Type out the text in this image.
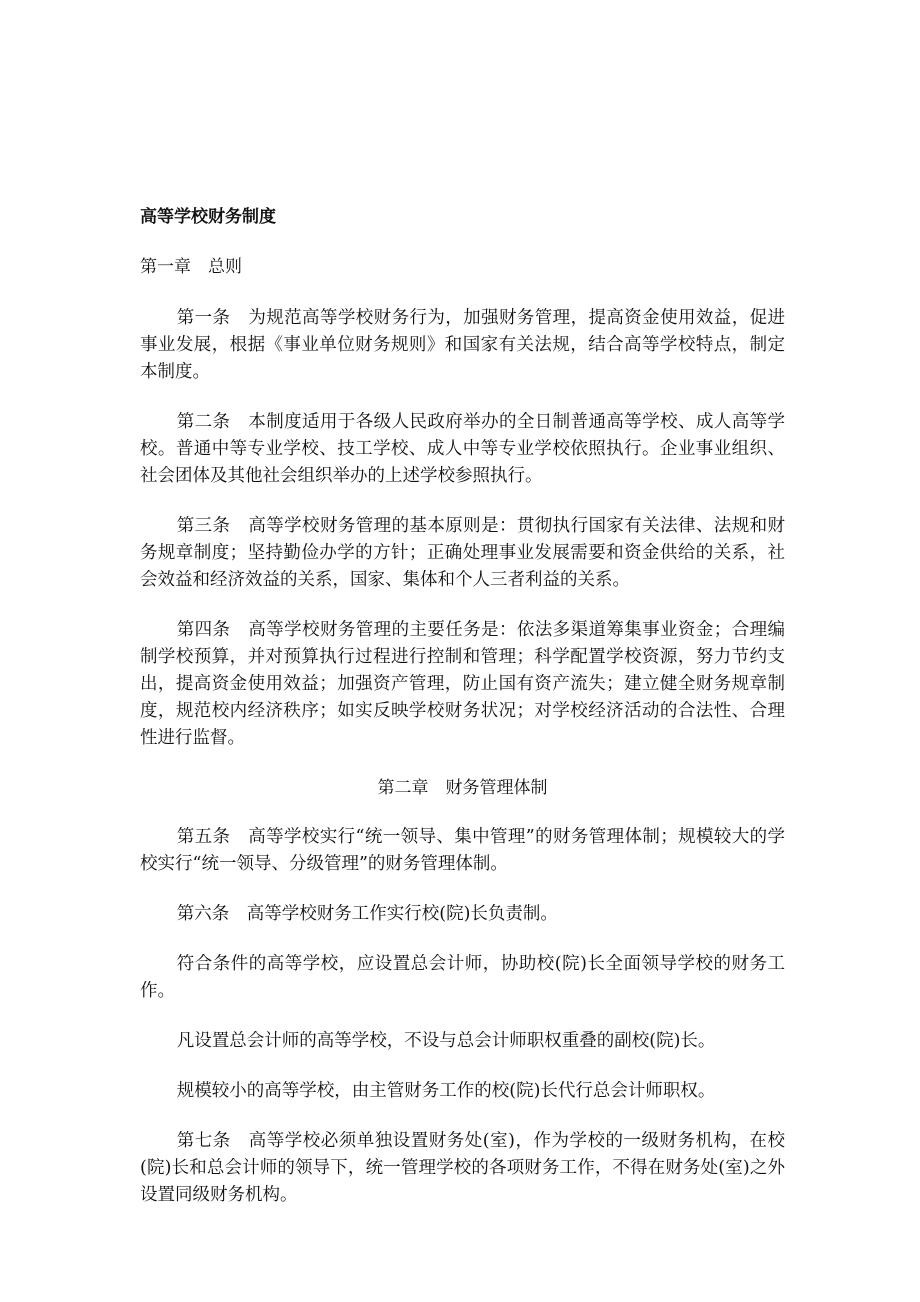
高等学校财务制度
第一章　总则

第一条　为规范高等学校财务行为，加强财务管理，提高资金使用效益，促进事业发展，根据《事业单位财务规则》和国家有关法规，结合高等学校特点，制定本制度。

第二条　本制度适用于各级人民政府举办的全日制普通高等学校、成人高等学校。普通中等专业学校、技工学校、成人中等专业学校依照执行。企业事业组织、社会团体及其他社会组织举办的上述学校参照执行。

第三条　高等学校财务管理的基本原则是：贯彻执行国家有关法律、法规和财务规章制度；坚持勤俭办学的方针；正确处理事业发展需要和资金供给的关系，社会效益和经济效益的关系，国家、集体和个人三者利益的关系。

第四条　高等学校财务管理的主要任务是：依法多渠道筹集事业资金；合理编制学校预算，并对预算执行过程进行控制和管理；科学配置学校资源，努力节约支出，提高资金使用效益；加强资产管理，防止国有资产流失；建立健全财务规章制度，规范校内经济秩序；如实反映学校财务状况；对学校经济活动的合法性、合理性进行监督。

第二章　财务管理体制

第五条　高等学校实行“统一领导、集中管理”的财务管理体制；规模较大的学校实行“统一领导、分级管理”的财务管理体制。

第六条　高等学校财务工作实行校(院)长负责制。

符合条件的高等学校，应设置总会计师，协助校(院)长全面领导学校的财务工作。

凡设置总会计师的高等学校，不设与总会计师职权重叠的副校(院)长。

规模较小的高等学校，由主管财务工作的校(院)长代行总会计师职权。

第七条　高等学校必须单独设置财务处(室)，作为学校的一级财务机构，在校(院)长和总会计师的领导下，统一管理学校的各项财务工作，不得在财务处(室)之外设置同级财务机构。
